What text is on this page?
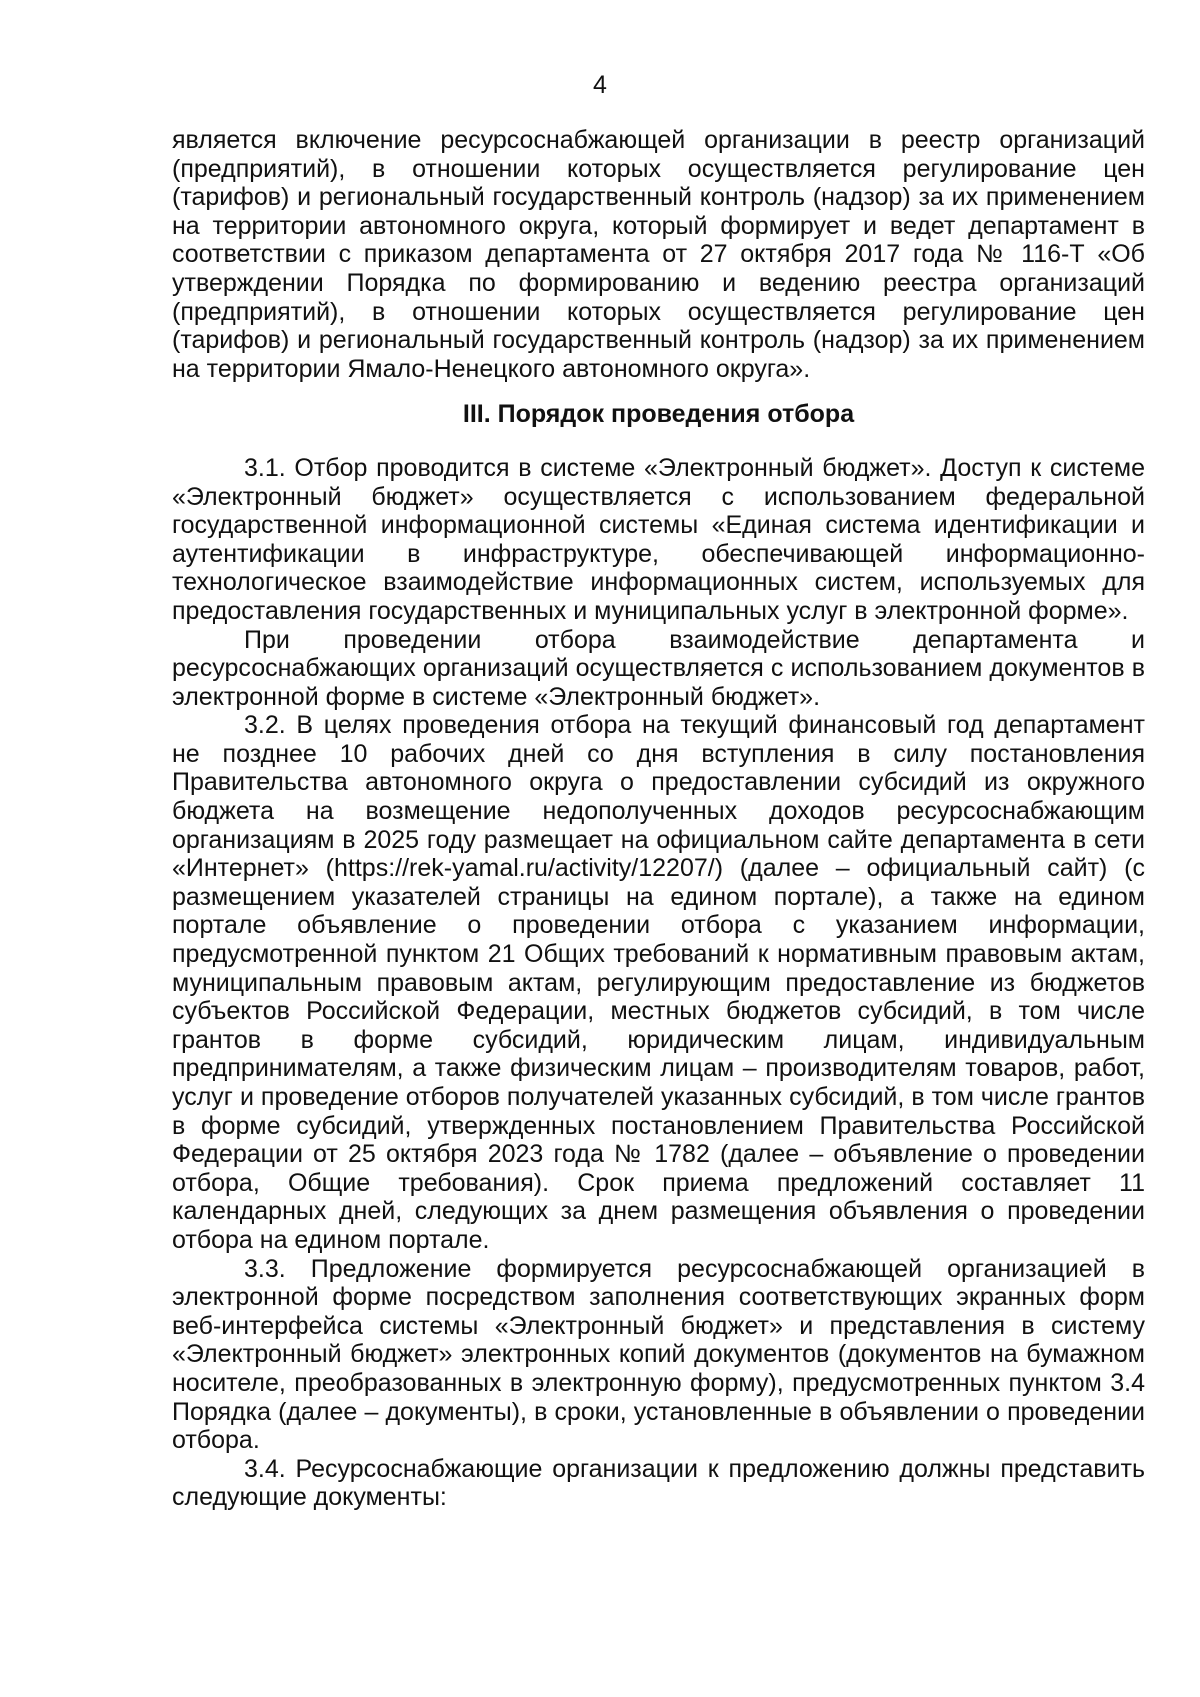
4

является включение ресурсоснабжающей организации в реестр организаций (предприятий), в отношении которых осуществляется регулирование цен (тарифов) и региональный государственный контроль (надзор) за их применением на территории автономного округа, который формирует и ведет департамент в соответствии с приказом департамента от 27 октября 2017 года № 116-Т «Об утверждении Порядка по формированию и ведению реестра организаций (предприятий), в отношении которых осуществляется регулирование цен (тарифов) и региональный государственный контроль (надзор) за их применением на территории Ямало-Ненецкого автономного округа».

III. Порядок проведения отбора

3.1. Отбор проводится в системе «Электронный бюджет». Доступ к системе «Электронный бюджет» осуществляется с использованием федеральной государственной информационной системы «Единая система идентификации и аутентификации в инфраструктуре, обеспечивающей информационно-технологическое взаимодействие информационных систем, используемых для предоставления государственных и муниципальных услуг в электронной форме».

При проведении отбора взаимодействие департамента и ресурсоснабжающих организаций осуществляется с использованием документов в электронной форме в системе «Электронный бюджет».

3.2. В целях проведения отбора на текущий финансовый год департамент не позднее 10 рабочих дней со дня вступления в силу постановления Правительства автономного округа о предоставлении субсидий из окружного бюджета на возмещение недополученных доходов ресурсоснабжающим организациям в 2025 году размещает на официальном сайте департамента в сети «Интернет» (https://rek-yamal.ru/activity/12207/) (далее – официальный сайт) (с размещением указателей страницы на едином портале), а также на едином портале объявление о проведении отбора с указанием информации, предусмотренной пунктом 21 Общих требований к нормативным правовым актам, муниципальным правовым актам, регулирующим предоставление из бюджетов субъектов Российской Федерации, местных бюджетов субсидий, в том числе грантов в форме субсидий, юридическим лицам, индивидуальным предпринимателям, а также физическим лицам – производителям товаров, работ, услуг и проведение отборов получателей указанных субсидий, в том числе грантов в форме субсидий, утвержденных постановлением Правительства Российской Федерации от 25 октября 2023 года № 1782 (далее – объявление о проведении отбора, Общие требования). Срок приема предложений составляет 11 календарных дней, следующих за днем размещения объявления о проведении отбора на едином портале.

3.3. Предложение формируется ресурсоснабжающей организацией в электронной форме посредством заполнения соответствующих экранных форм веб-интерфейса системы «Электронный бюджет» и представления в систему «Электронный бюджет» электронных копий документов (документов на бумажном носителе, преобразованных в электронную форму), предусмотренных пунктом 3.4 Порядка (далее – документы), в сроки, установленные в объявлении о проведении отбора.

3.4. Ресурсоснабжающие организации к предложению должны представить следующие документы:
